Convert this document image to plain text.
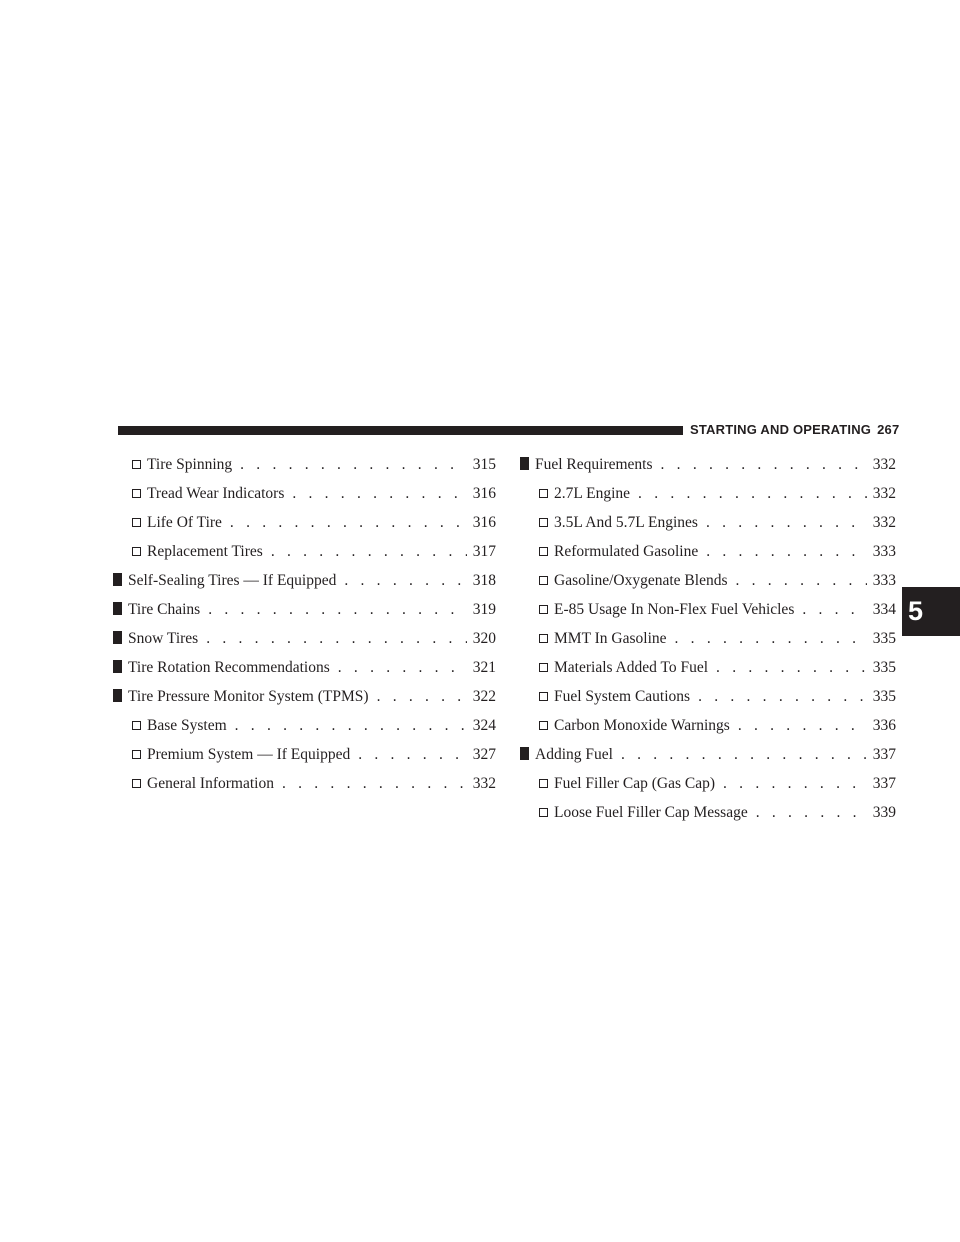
STARTING AND OPERATING 267
5
Tire Spinning . . .	315
Tread Wear Indicators . . .	316
Life Of Tire . . .	316
Replacement Tires . . .	317
Self-Sealing Tires — If Equipped . . .	318
Tire Chains . . .	319
Snow Tires . . .	320
Tire Rotation Recommendations . . .	321
Tire Pressure Monitor System (TPMS) . . .	322
Base System . . .	324
Premium System — If Equipped . . .	327
General Information . . .	332
Fuel Requirements . . .	332
2.7L Engine . . .	332
3.5L And 5.7L Engines . . .	332
Reformulated Gasoline . . .	333
Gasoline/Oxygenate Blends . . .	333
E-85 Usage In Non-Flex Fuel Vehicles . . .	334
MMT In Gasoline . . .	335
Materials Added To Fuel . . .	335
Fuel System Cautions . . .	335
Carbon Monoxide Warnings . . .	336
Adding Fuel . . .	337
Fuel Filler Cap (Gas Cap) . . .	337
Loose Fuel Filler Cap Message . . .	339
